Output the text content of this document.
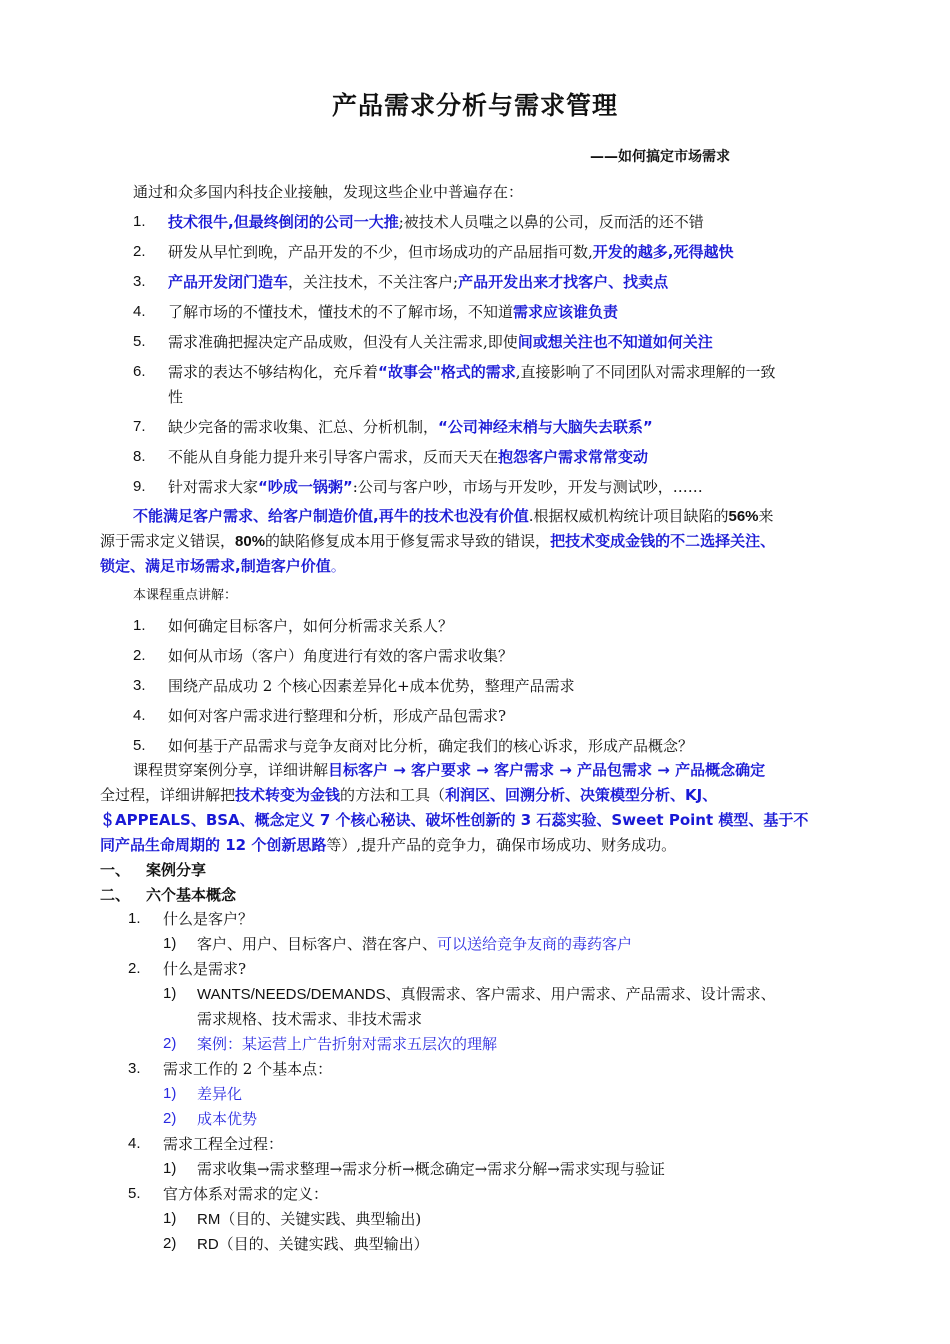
产品需求分析与需求管理
——如何搞定市场需求
通过和众多国内科技企业接触，发现这些企业中普遍存在：
1. 技术很牛,但最终倒闭的公司一大推;被技术人员嗤之以鼻的公司，反而活的还不错
2. 研发从早忙到晚，产品开发的不少，但市场成功的产品屈指可数,开发的越多,死得越快
3. 产品开发闭门造车，关注技术，不关注客户;产品开发出来才找客户、找卖点
4. 了解市场的不懂技术，懂技术的不了解市场，不知道需求应该谁负责
5. 需求准确把握决定产品成败，但没有人关注需求,即使间或想关注也不知道如何关注
6. 需求的表达不够结构化，充斥着“故事会"格式的需求,直接影响了不同团队对需求理解的一致
性
7. 缺少完备的需求收集、汇总、分析机制，“公司神经末梢与大脑失去联系”
8. 不能从自身能力提升来引导客户需求，反而天天在抱怨客户需求常常变动
9. 针对需求大家“吵成一锅粥”:公司与客户吵，市场与开发吵，开发与测试吵，……
不能满足客户需求、给客户制造价值,再牛的技术也没有价值.根据权威机构统计项目缺陷的56%来
源于需求定义错误，80%的缺陷修复成本用于修复需求导致的错误，把技术变成金钱的不二选择关注、
锁定、满足市场需求,制造客户价值。
本课程重点讲解：
1. 如何确定目标客户，如何分析需求关系人？
2. 如何从市场（客户）角度进行有效的客户需求收集？
3. 围绕产品成功 2 个核心因素差异化+成本优势，整理产品需求
4. 如何对客户需求进行整理和分析，形成产品包需求?
5. 如何基于产品需求与竞争友商对比分析，确定我们的核心诉求，形成产品概念？
课程贯穿案例分享，详细讲解目标客户 → 客户要求 → 客户需求 → 产品包需求 → 产品概念确定
全过程，详细讲解把技术转变为金钱的方法和工具（利润区、回溯分析、决策模型分析、KJ、
＄APPEALS、BSA、概念定义 7 个核心秘诀、破坏性创新的 3 石蕊实验、Sweet Point 模型、基于不
同产品生命周期的 12 个创新思路等）,提升产品的竞争力，确保市场成功、财务成功。
一、 案例分享
二、 六个基本概念
1. 什么是客户？
1) 客户、用户、目标客户、潜在客户、可以送给竞争友商的毒药客户
2. 什么是需求?
1) WANTS/NEEDS/DEMANDS、真假需求、客户需求、用户需求、产品需求、设计需求、
需求规格、技术需求、非技术需求
2) 案例：某运营上广告折射对需求五层次的理解
3. 需求工作的 2 个基本点：
1) 差异化
2) 成本优势
4. 需求工程全过程：
1) 需求收集→需求整理→需求分析→概念确定→需求分解→需求实现与验证
5. 官方体系对需求的定义：
1) RM（目的、关键实践、典型输出)
2) RD（目的、关键实践、典型输出）
